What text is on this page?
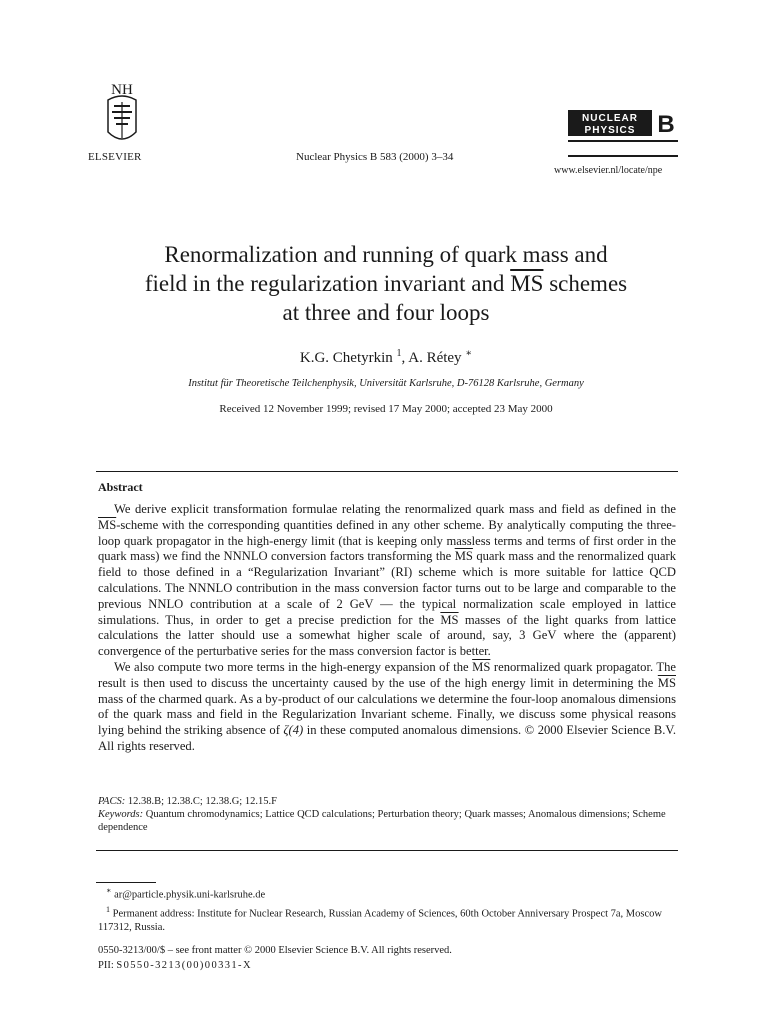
NH
ELSEVIER	Nuclear Physics B 583 (2000) 3–34
NUCLEAR
PHYSICS B
www.elsevier.nl/locate/npe
Renormalization and running of quark mass and
field in the regularization invariant and $\overline{MS}$ schemes
at three and four loops
K.G. Chetyrkin $^1$, A. Rétey ∗
Institut für Theoretische Teilchenphysik, Universität Karlsruhe, D-76128 Karlsruhe, Germany
Received 12 November 1999; revised 17 May 2000; accepted 23 May 2000
Abstract

We derive explicit transformation formulae relating the renormalized quark mass and field as defined in the $\overline{MS}$-scheme with the corresponding quantities defined in any other scheme. By analytically computing the three-loop quark propagator in the high-energy limit (that is keeping only massless terms and terms of first order in the quark mass) we find the NNNLO conversion factors transforming the $\overline{MS}$ quark mass and the renormalized quark field to those defined in a “Regularization Invariant” (RI) scheme which is more suitable for lattice QCD calculations. The NNNLO contribution in the mass conversion factor turns out to be large and comparable to the previous NNLO contribution at a scale of 2 GeV — the typical normalization scale employed in lattice simulations. Thus, in order to get a precise prediction for the $\overline{MS}$ masses of the light quarks from lattice calculations the latter should use a somewhat higher scale of around, say, 3 GeV where the (apparent) convergence of the perturbative series for the mass conversion factor is better.

We also compute two more terms in the high-energy expansion of the $\overline{MS}$ renormalized quark propagator. The result is then used to discuss the uncertainty caused by the use of the high energy limit in determining the $\overline{MS}$ mass of the charmed quark. As a by-product of our calculations we determine the four-loop anomalous dimensions of the quark mass and field in the Regularization Invariant scheme. Finally, we discuss some physical reasons lying behind the striking absence of ζ(4) in these computed anomalous dimensions. © 2000 Elsevier Science B.V. All rights reserved.

PACS: 12.38.B; 12.38.C; 12.38.G; 12.15.F
Keywords: Quantum chromodynamics; Lattice QCD calculations; Perturbation theory; Quark masses; Anomalous dimensions; Scheme dependence
∗ ar@particle.physik.uni-karlsruhe.de
$^1$ Permanent address: Institute for Nuclear Research, Russian Academy of Sciences, 60th October Anniversary Prospect 7a, Moscow 117312, Russia.
0550-3213/00/$ – see front matter © 2000 Elsevier Science B.V. All rights reserved.
PII: S0550-3213(00)00331-X
